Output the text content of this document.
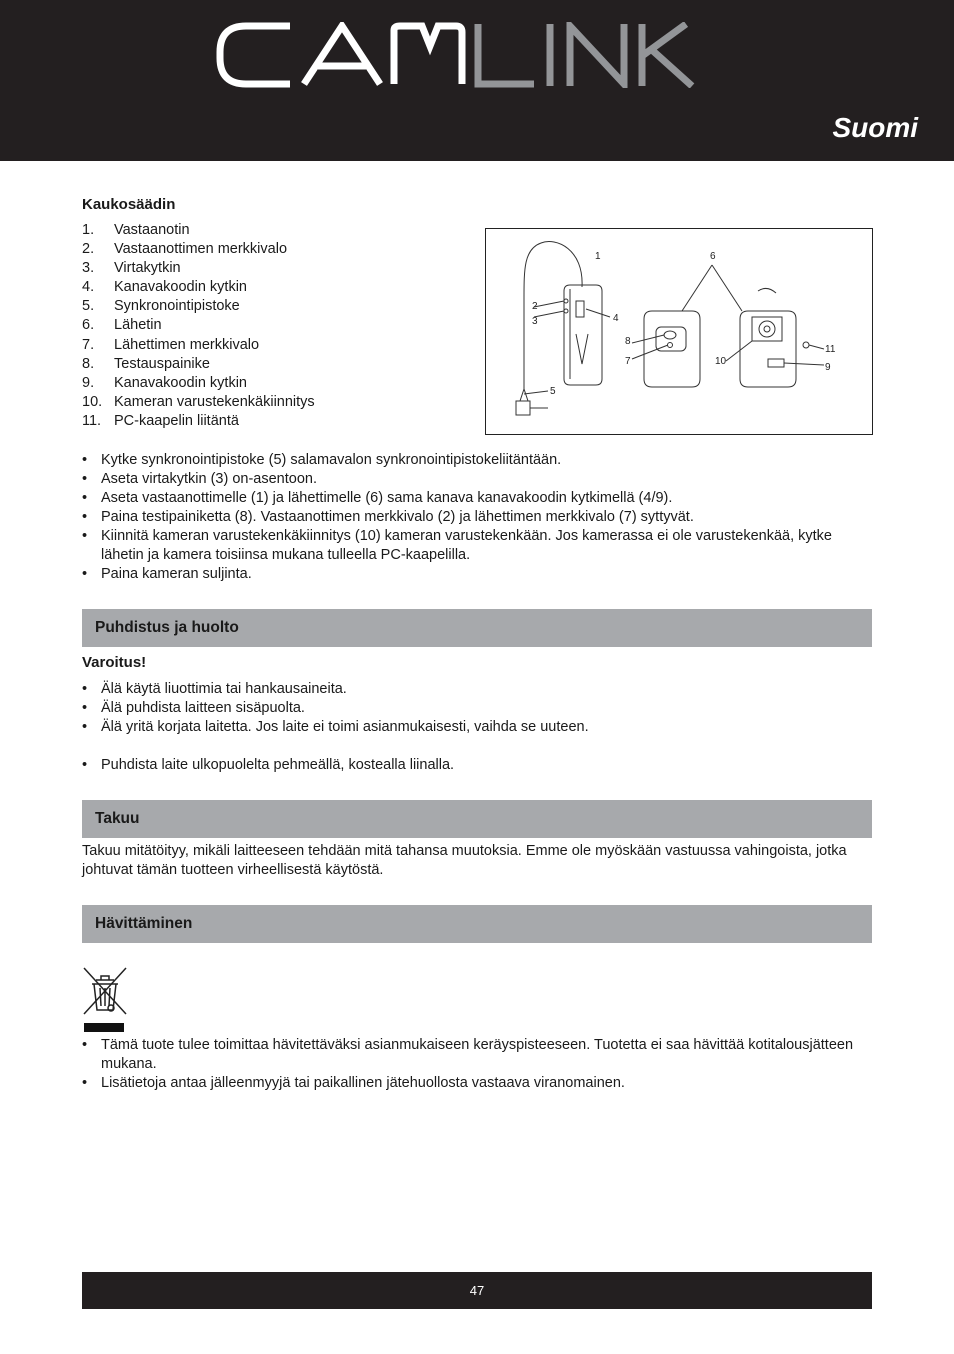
Suomi
Kaukosäädin
1.	Vastaanotin
2.	Vastaanottimen merkkivalo
3.	Virtakytkin
4.	Kanavakoodin kytkin
5.	Synkronointipistoke
6.	Lähetin
7.	Lähettimen merkkivalo
8.	Testauspainike
9.	Kanavakoodin kytkin
10. Kameran varustekenkäkiinnitys
11. PC-kaapelin liitäntä
1
2
3	4
5
6
7
8
9
10
11
• Kytke synkronointipistoke (5) salamavalon synkronointipistokeliitäntään.
• Aseta virtakytkin (3) on-asentoon.
• Aseta vastaanottimelle (1) ja lähettimelle (6) sama kanava kanavakoodin kytkimellä (4/9).
• Paina testipainiketta (8). Vastaanottimen merkkivalo (2) ja lähettimen merkkivalo (7) syttyvät.
• Kiinnitä kameran varustekenkäkiinnitys (10) kameran varustekenkään. Jos kamerassa ei ole varustekenkää, kytke lähetin ja kamera toisiinsa mukana tulleella PC-kaapelilla.
• Paina kameran suljinta.
Puhdistus ja huolto
Varoitus!
• Älä käytä liuottimia tai hankausaineita.
• Älä puhdista laitteen sisäpuolta.
• Älä yritä korjata laitetta. Jos laite ei toimi asianmukaisesti, vaihda se uuteen.
• Puhdista laite ulkopuolelta pehmeällä, kostealla liinalla.
Takuu
Takuu mitätöityy, mikäli laitteeseen tehdään mitä tahansa muutoksia. Emme ole myöskään vastuussa vahingoista, jotka johtuvat tämän tuotteen virheellisestä käytöstä.
Hävittäminen
• Tämä tuote tulee toimittaa hävitettäväksi asianmukaiseen keräyspisteeseen. Tuotetta ei saa hävittää kotitalousjätteen mukana.
• Lisätietoja antaa jälleenmyyjä tai paikallinen jätehuollosta vastaava viranomainen.
47
